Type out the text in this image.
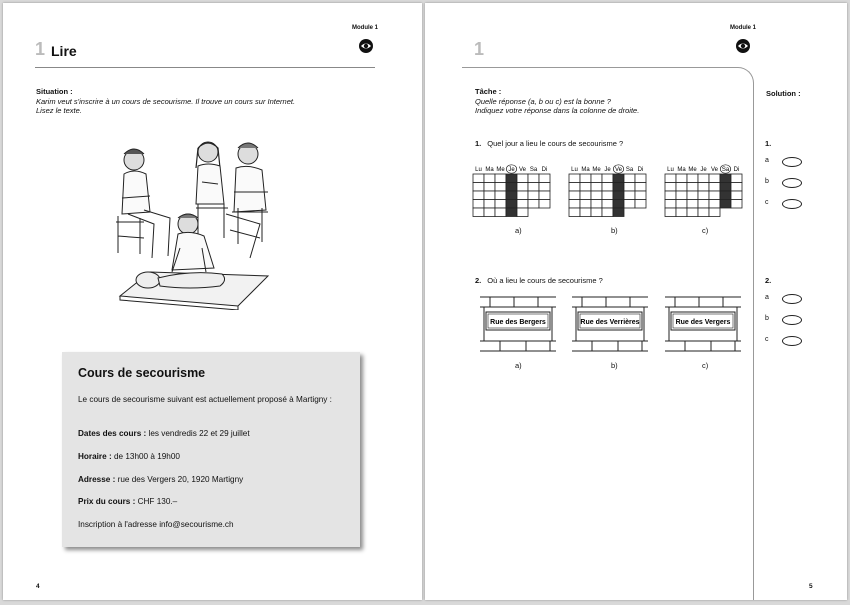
Module 1
1 Lire
Situation :
Karim veut s'inscrire à un cours de secourisme. Il trouve un cours sur Internet.
Lisez le texte.
Cours de secourisme
Le cours de secourisme suivant est actuellement proposé à Martigny :
Dates des cours : les vendredis 22 et 29 juillet
Horaire : de 13h00 à 19h00
Adresse : rue des Vergers 20, 1920 Martigny
Prix du cours : CHF 130.–
Inscription à l'adresse info@secourisme.ch
4
Module 1
1
Tâche :
Quelle réponse (a, b ou c) est la bonne ?
Indiquez votre réponse dans la colonne de droite.
Solution :
1. Quel jour a lieu le cours de secourisme ?
Lu Ma Me Je Ve Sa Di	Lu Ma Me Je Ve Sa Di	Lu Ma Me Je Ve Sa Di
a)	b)	c)
2. Où a lieu le cours de secourisme ?
Rue des Bergers	Rue des Verrières	Rue des Vergers
a)	b)	c)
1.
a
b
c
2.
a
b
c
5
